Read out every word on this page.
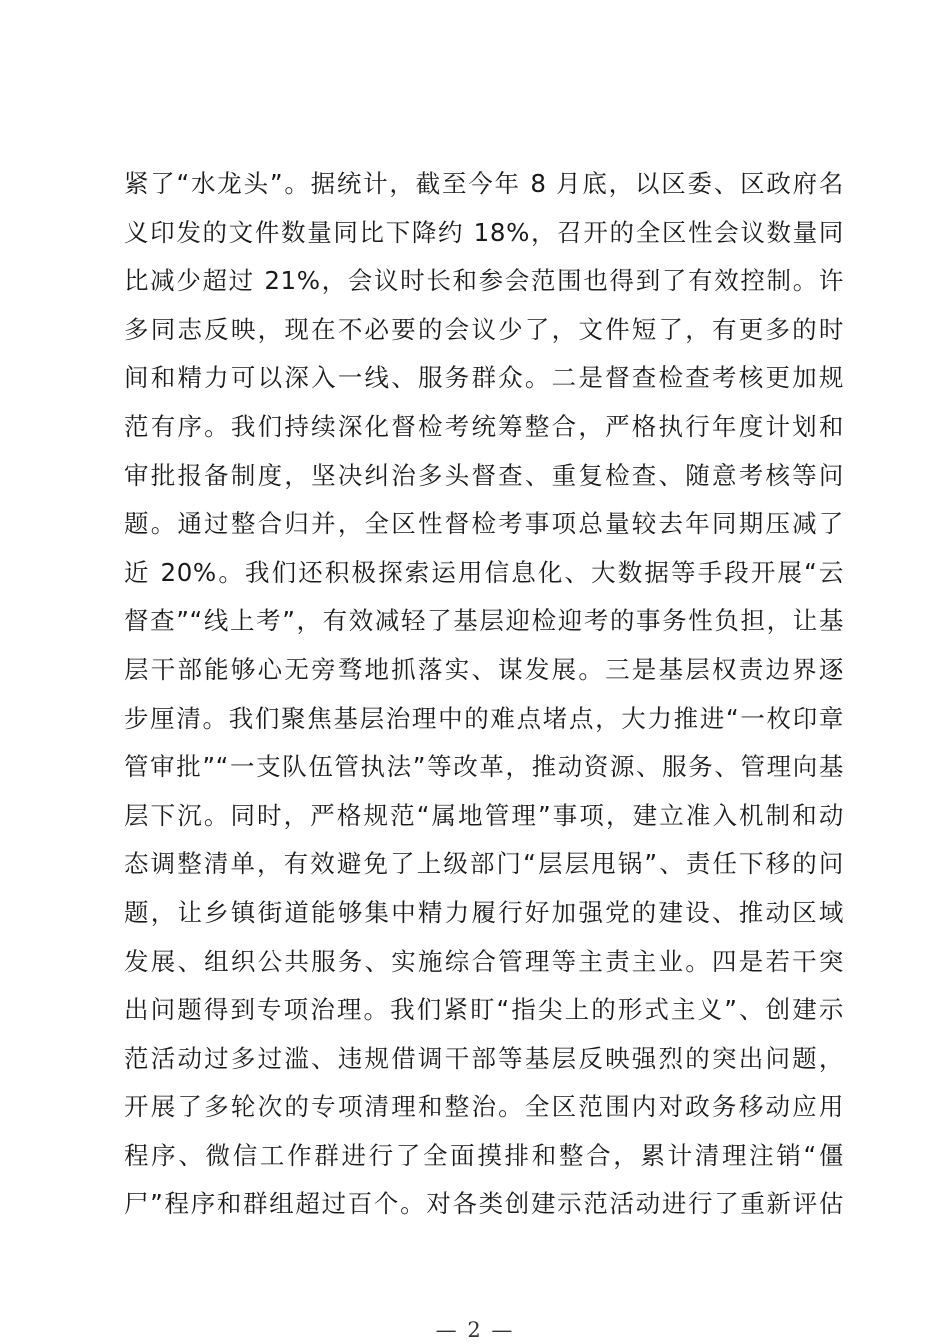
紧了“水龙头”。据统计，截至今年 8 月底，以区委、区政府名
义印发的文件数量同比下降约 18%，召开的全区性会议数量同
比减少超过 21%，会议时长和参会范围也得到了有效控制。许
多同志反映，现在不必要的会议少了，文件短了，有更多的时
间和精力可以深入一线、服务群众。二是督查检查考核更加规
范有序。我们持续深化督检考统筹整合，严格执行年度计划和
审批报备制度，坚决纠治多头督查、重复检查、随意考核等问
题。通过整合归并，全区性督检考事项总量较去年同期压减了
近 20%。我们还积极探索运用信息化、大数据等手段开展“云
督查”“线上考”，有效减轻了基层迎检迎考的事务性负担，让基
层干部能够心无旁骛地抓落实、谋发展。三是基层权责边界逐
步厘清。我们聚焦基层治理中的难点堵点，大力推进“一枚印章
管审批”“一支队伍管执法”等改革，推动资源、服务、管理向基
层下沉。同时，严格规范“属地管理”事项，建立准入机制和动
态调整清单，有效避免了上级部门“层层甩锅”、责任下移的问
题，让乡镇街道能够集中精力履行好加强党的建设、推动区域
发展、组织公共服务、实施综合管理等主责主业。四是若干突
出问题得到专项治理。我们紧盯“指尖上的形式主义”、创建示
范活动过多过滥、违规借调干部等基层反映强烈的突出问题，
开展了多轮次的专项清理和整治。全区范围内对政务移动应用
程序、微信工作群进行了全面摸排和整合，累计清理注销“僵
尸”程序和群组超过百个。对各类创建示范活动进行了重新评估
— 2 —
